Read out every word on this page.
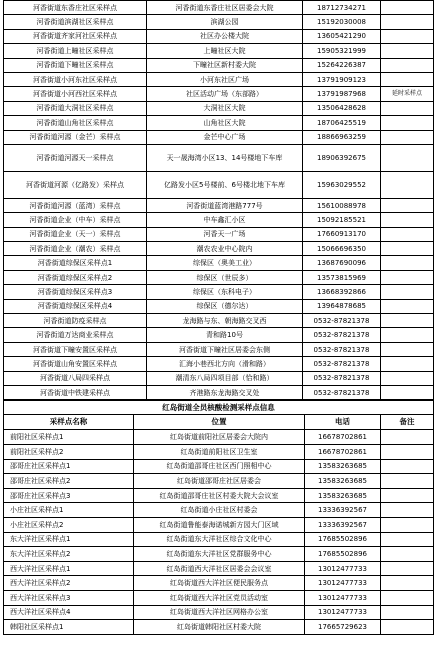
河香街道东香庄社区采样点	河香街道东香庄社区居委会大院	18712734271	
河香街道滨湖社区采样点	滨湖公园	15192030008	
河香街道齐家河社区采样点	社区办公楼大院	13605421290	
河香街道上疃社区采样点	上疃社区大院	15905321999	
河香街道下疃社区采样点	下疃社区新村委大院	15264226387	
河香街道小河东社区采样点	小河东社区广场	13791909123	
河香街道小河西社区采样点	社区活动广场（东部路）	13791987968	延时采样点
河香街道大洞社区采样点	大洞社区大院	13506428628	
河香街道山角社区采样点	山角社区大院	18706425519	
河香街道河源（金芒）采样点	金芒中心广场	18866963259	
河香街道河源天一采样点	天一晟海湾小区13、14号楼地下车库	18906392675	
河香街道河源（亿路发）采样点	亿路发小区5号楼前、6号楼北地下车库	15963029552	
河香街道河源（蓝湾）采样点	河香街道蓝湾港路777号	15610088978	
河香街道企业（中车）采样点	中车鑫汇小区	15092185521	
河香街道企业（天一）采样点	河香天一广场	17660913170	
河香街道企业（潮农）采样点	潮农农业中心院内	15066696350	
河香街道综保区采样点1	综保区（奥美工业）	13687690096	
河香街道综保区采样点2	综保区（世辰多）	13573815969	
河香街道综保区采样点3	综保区（东科电子）	13668392866	
河香街道综保区采样点4	综保区（德尔达）	13964878685	
河香街道防疫采样点	龙海路与东、朝海路交叉西	0532-87821378	
河香街道万达商业采样点	青和路10号	0532-87821378	
河香街道下疃安置区采样点	河香街道下疃社区居委会东侧	0532-87821378	
河香街道山角安置区采样点	汇海小巷西北方向（滑和路）	0532-87821378	
河香街道八局四采样点	潮清东八局四项目部（恰和路）	0532-87821378	
河香街道中铁建采样点	齐港路东龙海路交叉处	0532-87821378	
红岛街道全员核酸检测采样点信息			
采样点名称	位置	电话	备注
前阳社区采样点1	红岛街道前阳社区居委会大院内	16678702861	
前阳社区采样点2	红岛街道前阳社区卫生室	16678702861	
邵哥庄社区采样点1	红岛街道邵哥庄社区西门照相中心	13583263685	
邵哥庄社区采样点2	红岛街道邵哥庄社区居委会	13583263685	
邵哥庄社区采样点3	红岛街道邵哥庄社区村委大院大会议室	13583263685	
小庄社区采样点1	红岛街道小庄社区村委会	13336392567	
小庄社区采样点2	红岛街道鲁能泰海诺城新方园大门区域	13336392567	
东大洋社区采样点1	红岛街道东大洋社区综合文化中心	17685502896	
东大洋社区采样点2	红岛街道东大洋社区党群服务中心	17685502896	
西大洋社区采样点1	红岛街道西大洋社区居委会会议室	13012477733	
西大洋社区采样点2	红岛街道西大洋社区便民服务点	13012477733	
西大洋社区采样点3	红岛街道西大洋社区党员活动室	13012477733	
西大洋社区采样点4	红岛街道西大洋社区网格办公室	13012477733	
韩阳社区采样点1	红岛街道韩阳社区村委大院	17665729623	
